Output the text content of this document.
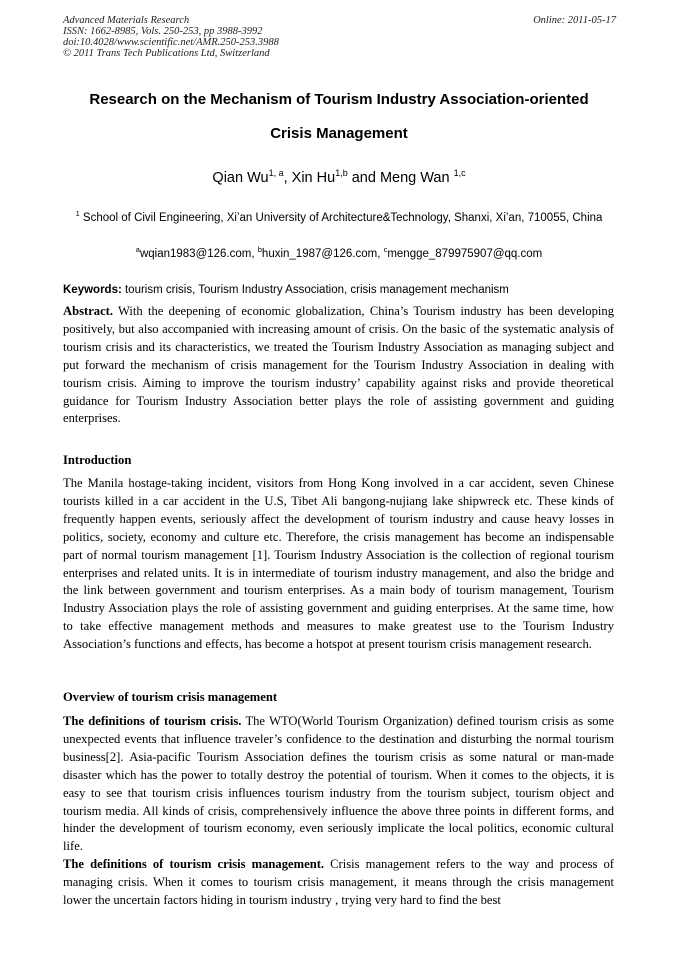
Advanced Materials Research
ISSN: 1662-8985, Vols. 250-253, pp 3988-3992
doi:10.4028/www.scientific.net/AMR.250-253.3988
© 2011 Trans Tech Publications Ltd, Switzerland
Online: 2011-05-17
Research on the Mechanism of Tourism Industry Association-oriented
Crisis Management
Qian Wu$^{1, a}$, Xin Hu$^{1,b}$ and Meng Wan $^{1,c}$
$^1$ School of Civil Engineering, Xi’an University of Architecture&Technology, Shanxi, Xi’an, 710055, China
$^a$wqian1983@126.com, $^b$huxin_1987@126.com, $^c$mengge_879975907@qq.com
Keywords: tourism crisis, Tourism Industry Association, crisis management mechanism
Abstract. With the deepening of economic globalization, China’s Tourism industry has been developing positively, but also accompanied with increasing amount of crisis. On the basic of the systematic analysis of tourism crisis and its characteristics, we treated the Tourism Industry Association as managing subject and put forward the mechanism of crisis management for the Tourism Industry Association in dealing with tourism crisis. Aiming to improve the tourism industry’ capability against risks and provide theoretical guidance for Tourism Industry Association better plays the role of assisting government and guiding enterprises.
Introduction
The Manila hostage-taking incident, visitors from Hong Kong involved in a car accident, seven Chinese tourists killed in a car accident in the U.S, Tibet Ali bangong-nujiang lake shipwreck etc. These kinds of frequently happen events, seriously affect the development of tourism industry and cause heavy losses in politics, society, economy and culture etc. Therefore, the crisis management has become an indispensable part of normal tourism management [1]. Tourism Industry Association is the collection of regional tourism enterprises and related units. It is in intermediate of tourism industry management, and also the bridge and the link between government and tourism enterprises. As a main body of tourism management, Tourism Industry Association plays the role of assisting government and guiding enterprises. At the same time, how to take effective management methods and measures to make greatest use to the Tourism Industry Association’s functions and effects, has become a hotspot at present tourism crisis management research.
Overview of tourism crisis management
The definitions of tourism crisis. The WTO(World Tourism Organization) defined tourism crisis as some unexpected events that influence traveler’s confidence to the destination and disturbing the normal tourism business[2]. Asia-pacific Tourism Association defines the tourism crisis as some natural or man-made disaster which has the power to totally destroy the potential of tourism. When it comes to the objects, it is easy to see that tourism crisis influences tourism industry from the tourism subject, tourism object and tourism media. All kinds of crisis, comprehensively influence the above three points in different forms, and hinder the development of tourism economy, even seriously implicate the local politics, economic cultural life.
The definitions of tourism crisis management. Crisis management refers to the way and process of managing crisis. When it comes to tourism crisis management, it means through the crisis management lower the uncertain factors hiding in tourism industry , trying very hard to find the best
